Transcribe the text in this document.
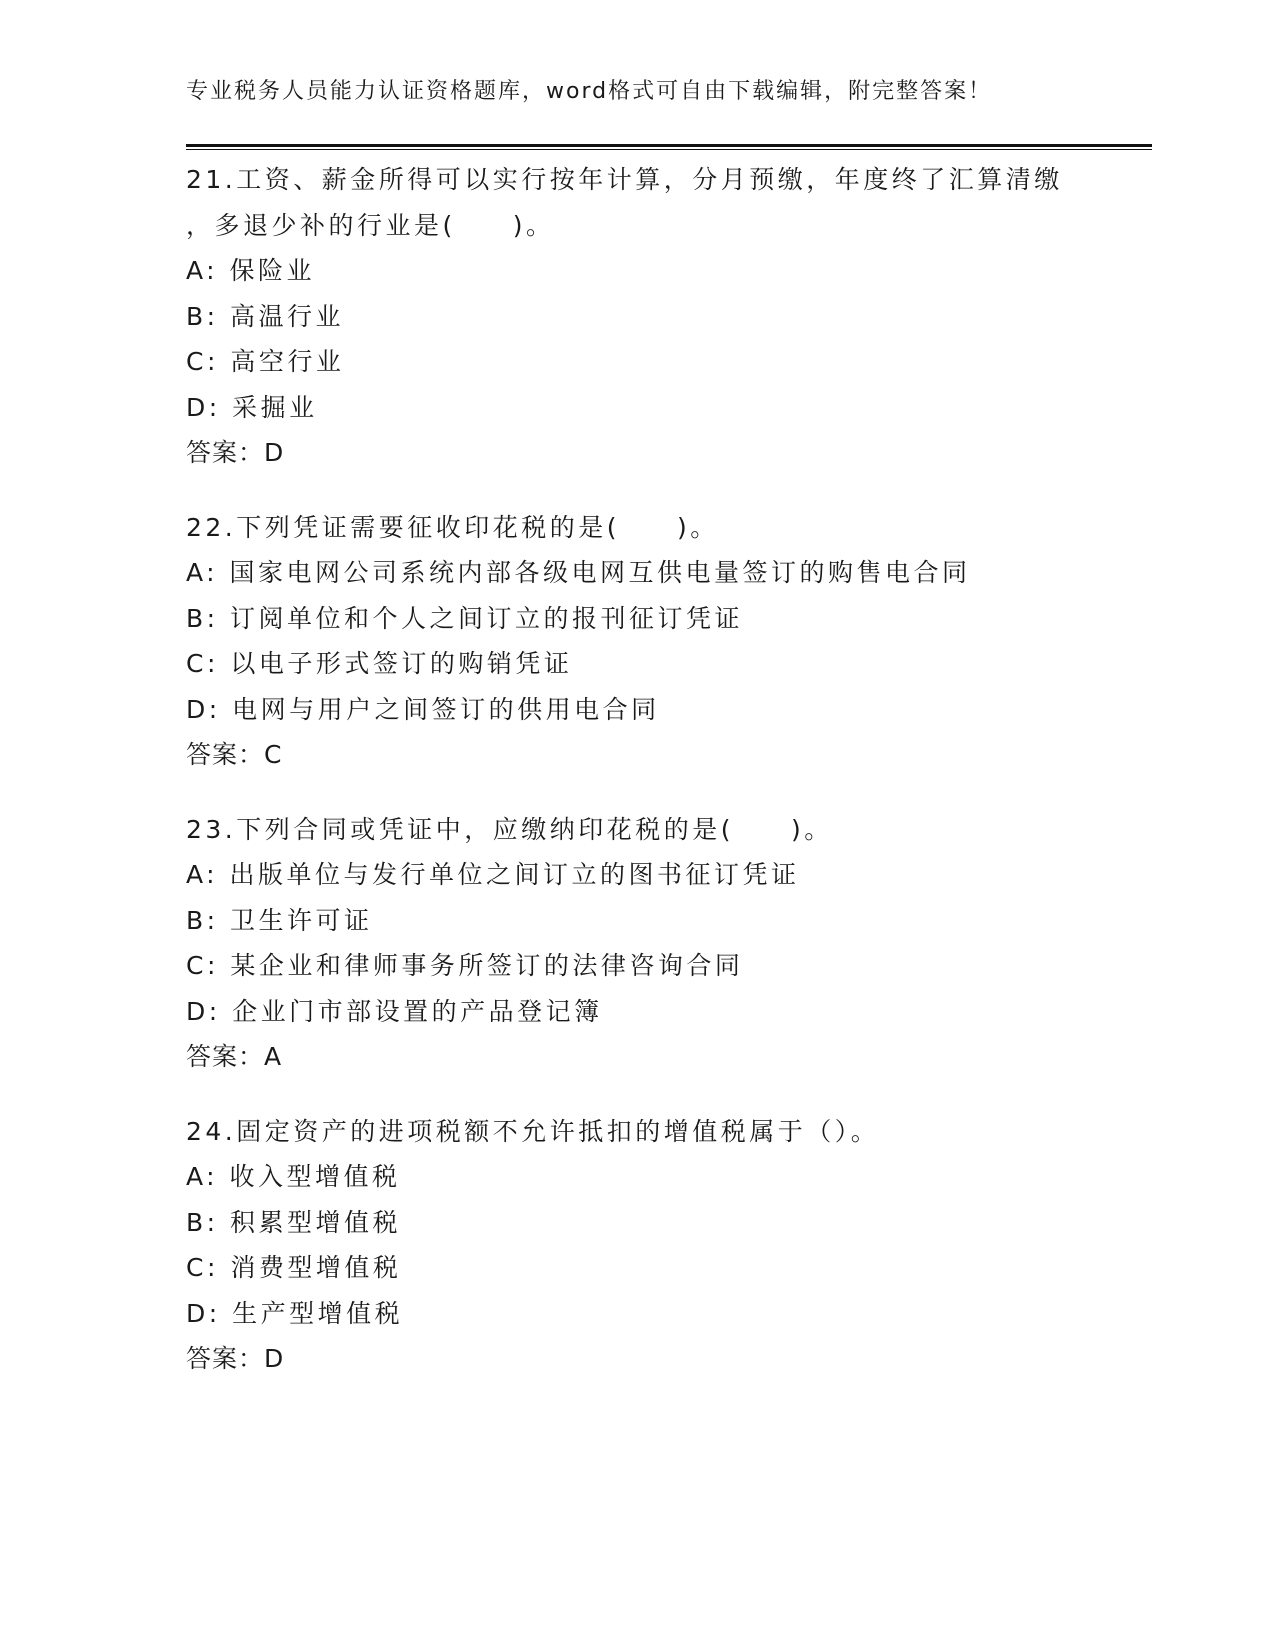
专业税务人员能力认证资格题库，word格式可自由下载编辑，附完整答案！
21.工资、薪金所得可以实行按年计算，分月预缴，年度终了汇算清缴
，多退少补的行业是(　　)。
A: 保险业
B: 高温行业
C: 高空行业
D: 采掘业
答案：D
22.下列凭证需要征收印花税的是(　　)。
A: 国家电网公司系统内部各级电网互供电量签订的购售电合同
B: 订阅单位和个人之间订立的报刊征订凭证
C: 以电子形式签订的购销凭证
D: 电网与用户之间签订的供用电合同
答案：C
23.下列合同或凭证中，应缴纳印花税的是(　　)。
A: 出版单位与发行单位之间订立的图书征订凭证
B: 卫生许可证
C: 某企业和律师事务所签订的法律咨询合同
D: 企业门市部设置的产品登记簿
答案：A
24.固定资产的进项税额不允许抵扣的增值税属于（）。
A: 收入型增值税
B: 积累型增值税
C: 消费型增值税
D: 生产型增值税
答案：D
